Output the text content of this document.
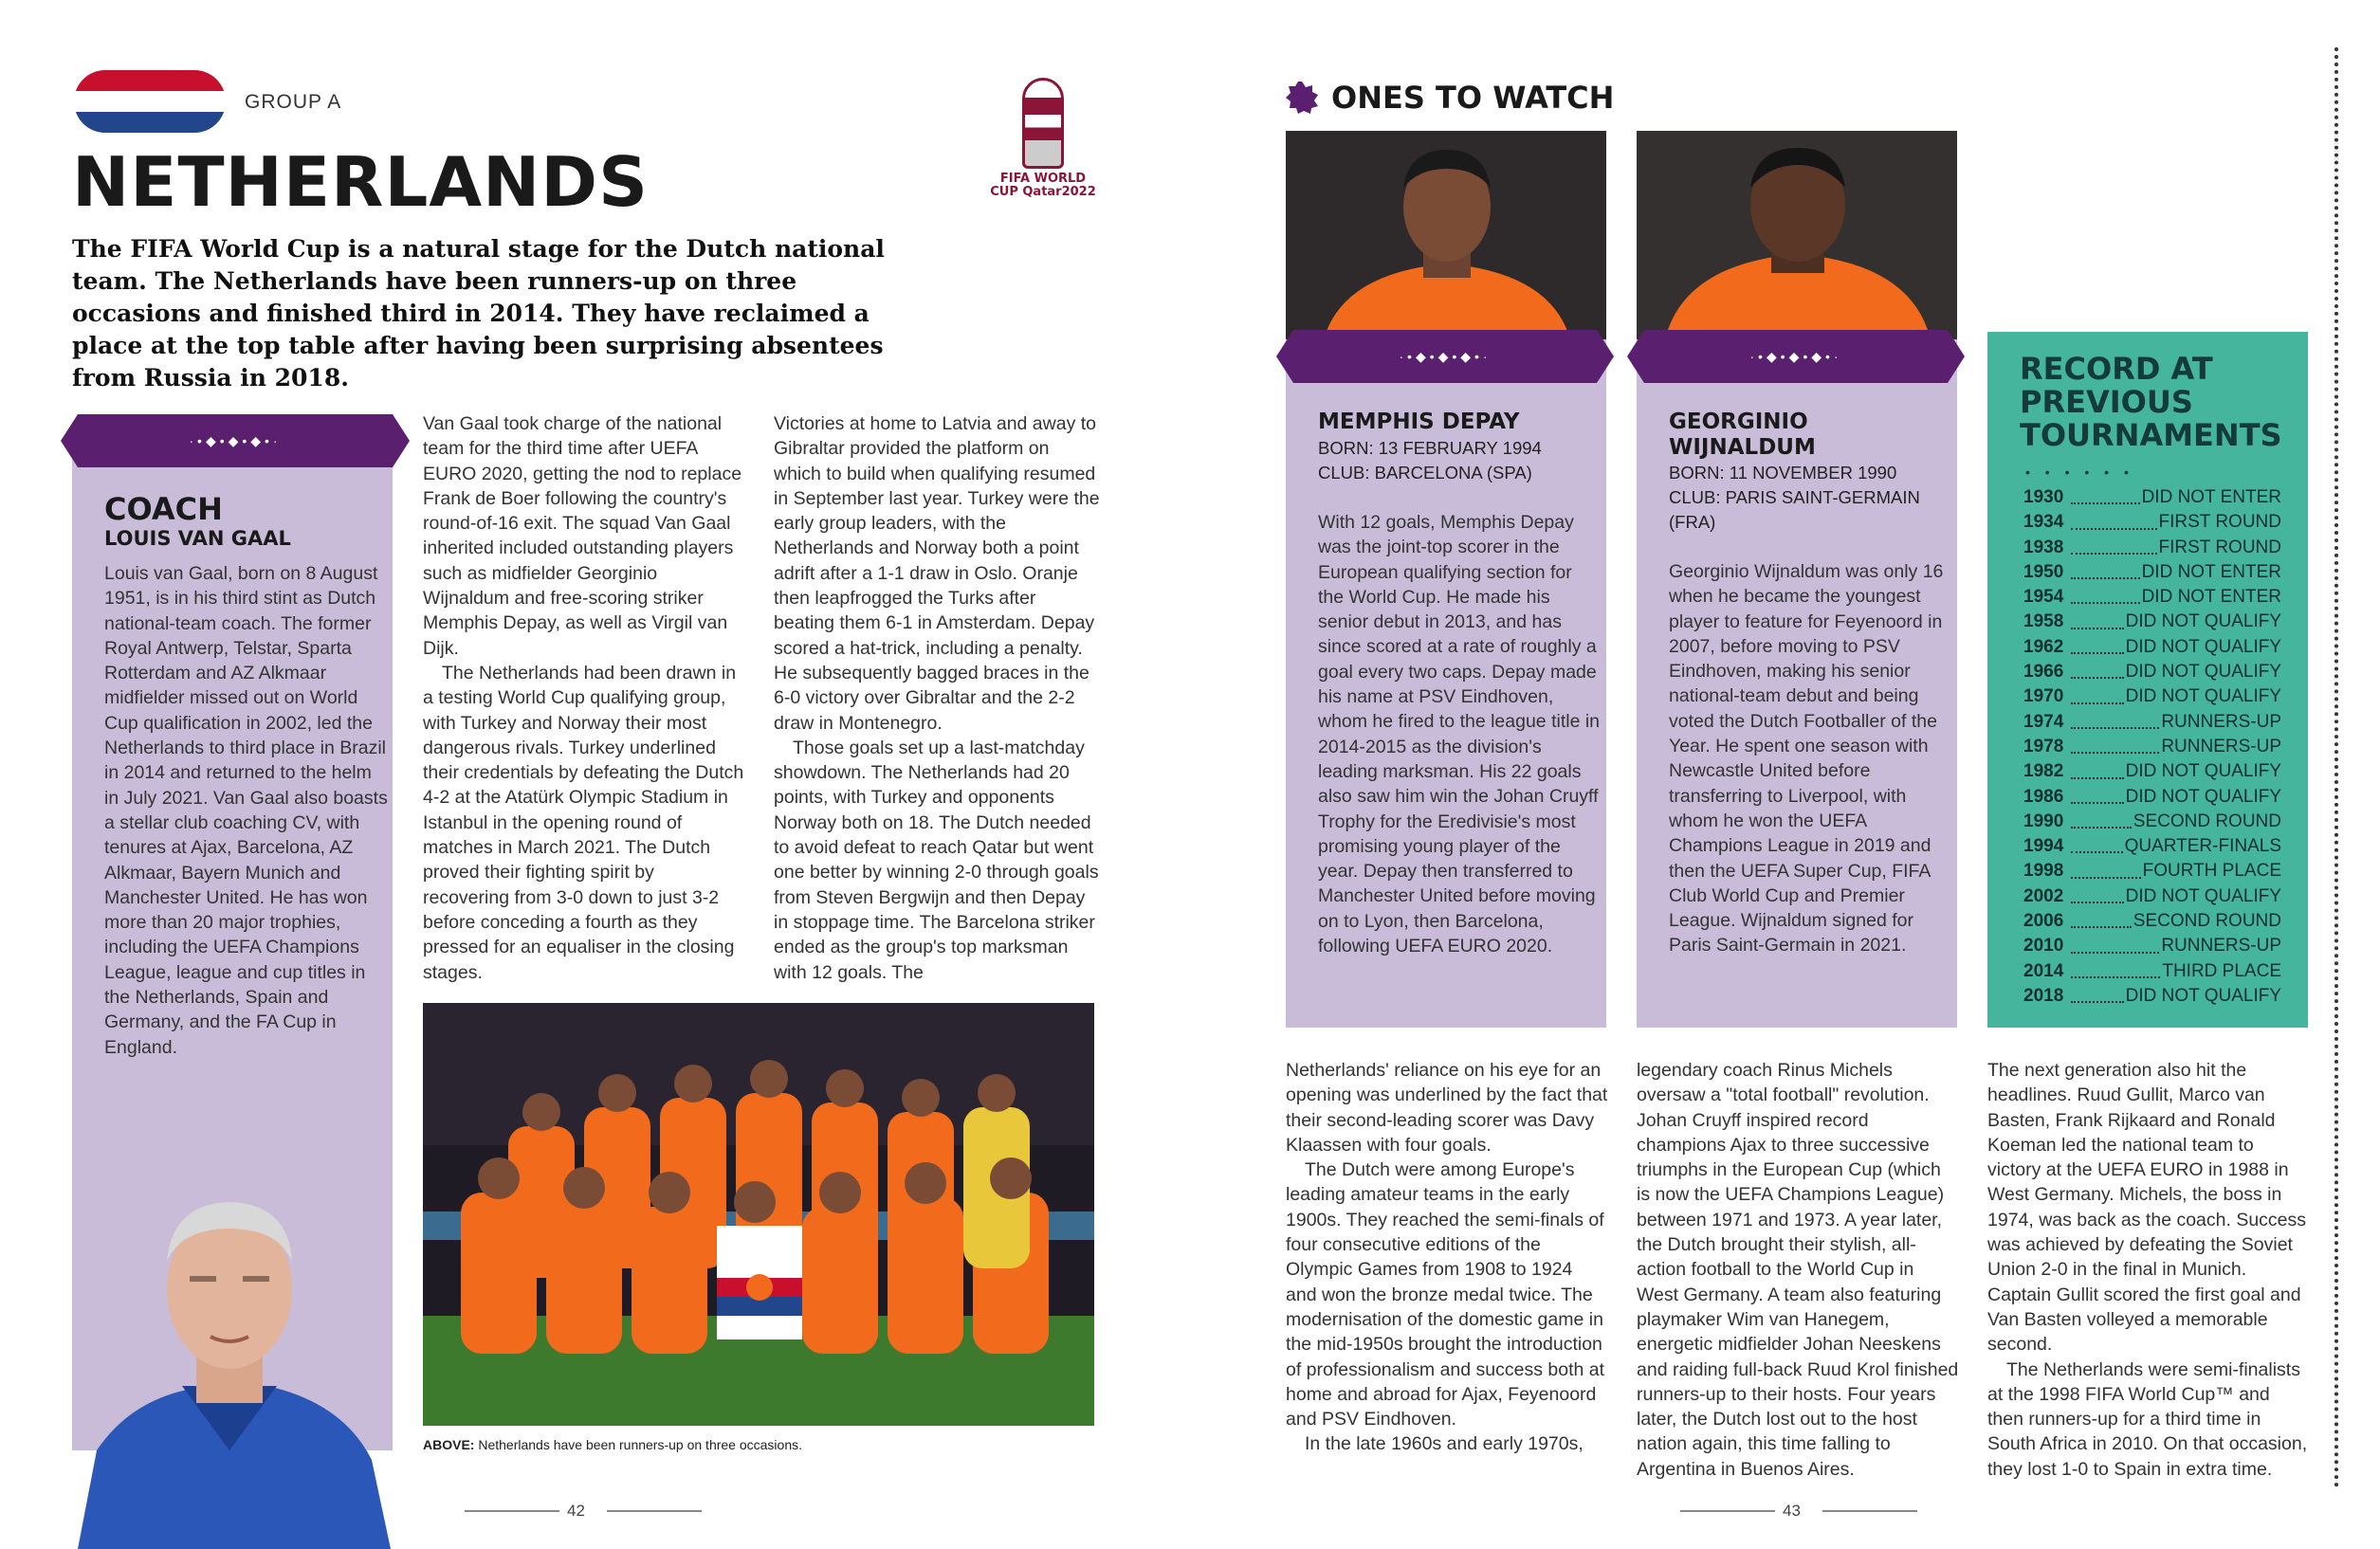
GROUP A
NETHERLANDS	FIFA WORLD CUP Qatar2022
The FIFA World Cup is a natural stage for the Dutch national team. The Netherlands have been runners-up on three occasions and finished third in 2014. They have reclaimed a place at the top table after having been surprising absentees from Russia in 2018.
·•◆•◆•◆•·
COACH
LOUIS VAN GAAL
Louis van Gaal, born on 8 August 1951, is in his third stint as Dutch national-team coach. The former Royal Antwerp, Telstar, Sparta Rotterdam and AZ Alkmaar midfielder missed out on World Cup qualification in 2002, led the Netherlands to third place in Brazil in 2014 and returned to the helm in July 2021. Van Gaal also boasts a stellar club coaching CV, with tenures at Ajax, Barcelona, AZ Alkmaar, Bayern Munich and Manchester United. He has won more than 20 major trophies, including the UEFA Champions League, league and cup titles in the Netherlands, Spain and Germany, and the FA Cup in England.

Van Gaal took charge of the national team for the third time after UEFA EURO 2020, getting the nod to replace Frank de Boer following the country's round-of-16 exit. The squad Van Gaal inherited included outstanding players such as midfielder Georginio Wijnaldum and free-scoring striker Memphis Depay, as well as Virgil van Dijk.

The Netherlands had been drawn in a testing World Cup qualifying group, with Turkey and Norway their most dangerous rivals. Turkey underlined their credentials by defeating the Dutch 4-2 at the Atatürk Olympic Stadium in Istanbul in the opening round of matches in March 2021. The Dutch proved their fighting spirit by recovering from 3-0 down to just 3-2 before conceding a fourth as they pressed for an equaliser in the closing stages.

Victories at home to Latvia and away to Gibraltar provided the platform on which to build when qualifying resumed in September last year. Turkey were the early group leaders, with the Netherlands and Norway both a point adrift after a 1-1 draw in Oslo. Oranje then leapfrogged the Turks after beating them 6-1 in Amsterdam. Depay scored a hat-trick, including a penalty. He subsequently bagged braces in the 6-0 victory over Gibraltar and the 2-2 draw in Montenegro.

Those goals set up a last-matchday showdown. The Netherlands had 20 points, with Turkey and opponents Norway both on 18. The Dutch needed to avoid defeat to reach Qatar but went one better by winning 2-0 through goals from Steven Bergwijn and then Depay in stoppage time. The Barcelona striker ended as the group's top marksman with 12 goals. The

ABOVE: Netherlands have been runners-up on three occasions.
42
ONES TO WATCH
·•◆•◆•◆•·
MEMPHIS DEPAY
BORN: 13 FEBRUARY 1994
CLUB: BARCELONA (SPA)
With 12 goals, Memphis Depay was the joint-top scorer in the European qualifying section for the World Cup. He made his senior debut in 2013, and has since scored at a rate of roughly a goal every two caps. Depay made his name at PSV Eindhoven, whom he fired to the league title in 2014-2015 as the division's leading marksman. His 22 goals also saw him win the Johan Cruyff Trophy for the Eredivisie's most promising young player of the year. Depay then transferred to Manchester United before moving on to Lyon, then Barcelona, following UEFA EURO 2020.
·•◆•◆•◆•·
GEORGINIO WIJNALDUM
BORN: 11 NOVEMBER 1990
CLUB: PARIS SAINT-GERMAIN (FRA)
Georginio Wijnaldum was only 16 when he became the youngest player to feature for Feyenoord in 2007, before moving to PSV Eindhoven, making his senior national-team debut and being voted the Dutch Footballer of the Year. He spent one season with Newcastle United before transferring to Liverpool, with whom he won the UEFA Champions League in 2019 and then the UEFA Super Cup, FIFA Club World Cup and Premier League. Wijnaldum signed for Paris Saint-Germain in 2021.
RECORD AT PREVIOUS TOURNAMENTS
• • • • • •
1930	DID NOT ENTER
1934	FIRST ROUND
1938	FIRST ROUND
1950	DID NOT ENTER
1954	DID NOT ENTER
1958	DID NOT QUALIFY
1962	DID NOT QUALIFY
1966	DID NOT QUALIFY
1970	DID NOT QUALIFY
1974	RUNNERS-UP
1978	RUNNERS-UP
1982	DID NOT QUALIFY
1986	DID NOT QUALIFY
1990	SECOND ROUND
1994	QUARTER-FINALS
1998	FOURTH PLACE
2002	DID NOT QUALIFY
2006	SECOND ROUND
2010	RUNNERS-UP
2014	THIRD PLACE
2018	DID NOT QUALIFY

Netherlands' reliance on his eye for an opening was underlined by the fact that their second-leading scorer was Davy Klaassen with four goals.

The Dutch were among Europe's leading amateur teams in the early 1900s. They reached the semi-finals of four consecutive editions of the Olympic Games from 1908 to 1924 and won the bronze medal twice. The modernisation of the domestic game in the mid-1950s brought the introduction of professionalism and success both at home and abroad for Ajax, Feyenoord and PSV Eindhoven.

In the late 1960s and early 1970s,

legendary coach Rinus Michels oversaw a "total football" revolution. Johan Cruyff inspired record champions Ajax to three successive triumphs in the European Cup (which is now the UEFA Champions League) between 1971 and 1973. A year later, the Dutch brought their stylish, all-action football to the World Cup in West Germany. A team also featuring playmaker Wim van Hanegem, energetic midfielder Johan Neeskens and raiding full-back Ruud Krol finished runners-up to their hosts. Four years later, the Dutch lost out to the host nation again, this time falling to Argentina in Buenos Aires.

The next generation also hit the headlines. Ruud Gullit, Marco van Basten, Frank Rijkaard and Ronald Koeman led the national team to victory at the UEFA EURO in 1988 in West Germany. Michels, the boss in 1974, was back as the coach. Success was achieved by defeating the Soviet Union 2-0 in the final in Munich. Captain Gullit scored the first goal and Van Basten volleyed a memorable second.

The Netherlands were semi-finalists at the 1998 FIFA World Cup™ and then runners-up for a third time in South Africa in 2010. On that occasion, they lost 1-0 to Spain in extra time.

43
